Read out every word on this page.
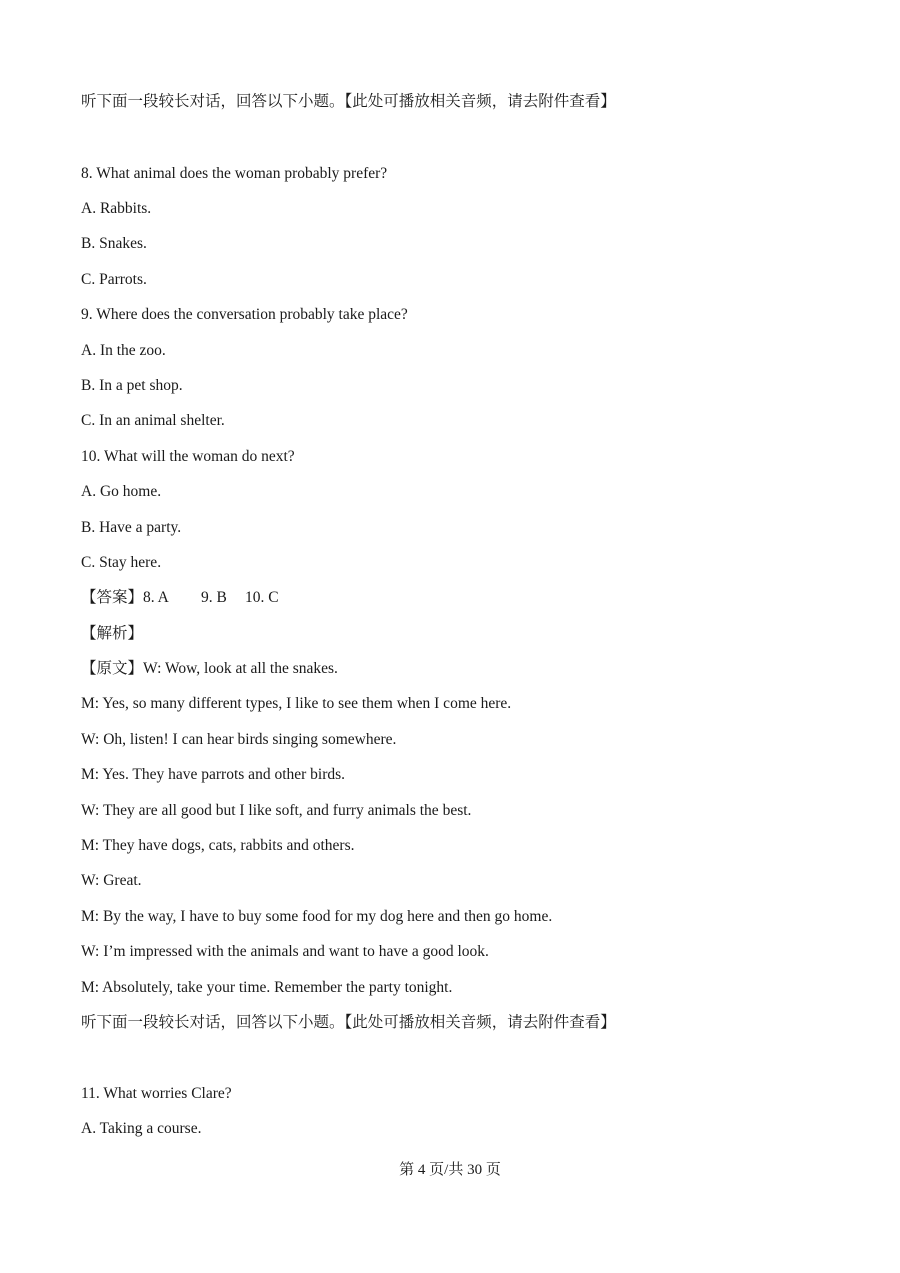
听下面一段较长对话，回答以下小题。【此处可播放相关音频，请去附件查看】
8. What animal does the woman probably prefer?
A. Rabbits.
B. Snakes.
C. Parrots.
9. Where does the conversation probably take place?
A. In the zoo.
B. In a pet shop.
C. In an animal shelter.
10. What will the woman do next?
A. Go home.
B. Have a party.
C. Stay here.
【答案】8. A 9. B 10. C
【解析】
【原文】W: Wow, look at all the snakes.
M: Yes, so many different types, I like to see them when I come here.
W: Oh, listen! I can hear birds singing somewhere.
M: Yes. They have parrots and other birds.
W: They are all good but I like soft, and furry animals the best.
M: They have dogs, cats, rabbits and others.
W: Great.
M: By the way, I have to buy some food for my dog here and then go home.
W: I’m impressed with the animals and want to have a good look.
M: Absolutely, take your time. Remember the party tonight.
听下面一段较长对话，回答以下小题。【此处可播放相关音频，请去附件查看】
11. What worries Clare?
A. Taking a course.
第 4 页/共 30 页
